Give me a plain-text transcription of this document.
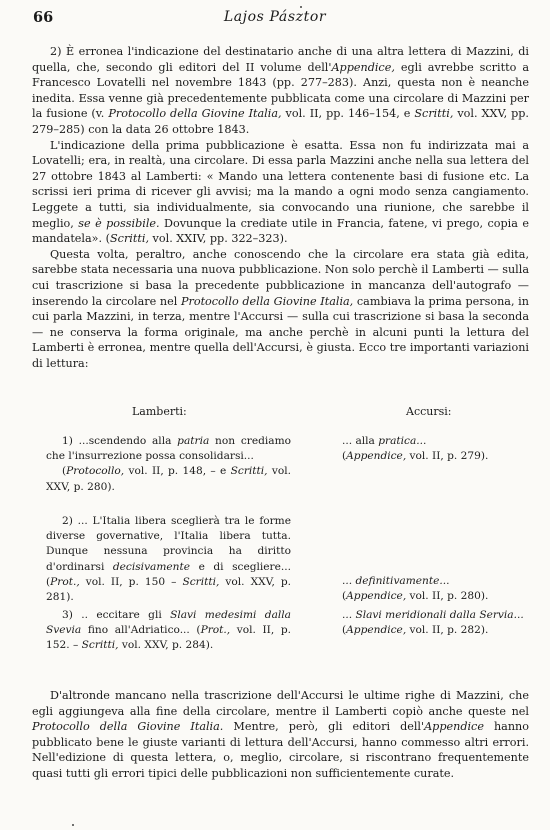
66	Lajos Pásztor

2) È erronea l'indicazione del destinatario anche di una altra lettera di Mazzini, di quella, che, secondo gli editori del II volume dell'Appendice, egli avrebbe scritto a Francesco Lovatelli nel novembre 1843 (pp. 277–283). Anzi, questa non è neanche inedita. Essa venne già precedentemente pubblicata come una circolare di Mazzini per la fusione (v. Protocollo della Giovine Italia, vol. II, pp. 146–154, e Scritti, vol. XXV, pp. 279–285) con la data 26 ottobre 1843.

L'indicazione della prima pubblicazione è esatta. Essa non fu indirizzata mai a Lovatelli; era, in realtà, una circolare. Di essa parla Mazzini anche nella sua lettera del 27 ottobre 1843 al Lamberti: « Mando una lettera contenente basi di fusione etc. La scrissi ieri prima di ricever gli avvisi; ma la mando a ogni modo senza cangiamento. Leggete a tutti, sia individualmente, sia convocando una riunione, che sarebbe il meglio, se è possibile. Dovunque la crediate utile in Francia, fatene, vi prego, copia e mandatela». (Scritti, vol. XXIV, pp. 322–323).

Questa volta, peraltro, anche conoscendo che la circolare era stata già edita, sarebbe stata necessaria una nuova pubblicazione. Non solo perchè il Lamberti — sulla cui trascrizione si basa la precedente pubblicazione in mancanza dell'autografo — inserendo la circolare nel Protocollo della Giovine Italia, cambiava la prima persona, in cui parla Mazzini, in terza, mentre l'Accursi — sulla cui trascrizione si basa la seconda — ne conserva la forma originale, ma anche perchè in alcuni punti la lettura del Lamberti è erronea, mentre quella dell'Accursi, è giusta. Ecco tre importanti variazioni di lettura:

Lamberti:
1) ...scendendo alla patria non crediamo che l'insurrezione possa consolidarsi...
(Protocollo, vol. II, p. 148, – e Scritti, vol. XXV, p. 280).
2) ... L'Italia libera sceglierà tra le forme diverse governative, l'Italia libera tutta. Dunque nessuna provincia ha diritto d'ordinarsi decisivamente e di scegliere... (Prot., vol. II, p. 150 – Scritti, vol. XXV, p. 281).
3) .. eccitare gli Slavi medesimi dalla Svevia fino all'Adriatico... (Prot., vol. II, p. 152. – Scritti, vol. XXV, p. 284).
Accursi:
... alla pratica...
(Appendice, vol. II, p. 279).
... definitivamente...
(Appendice, vol. II, p. 280).
... Slavi meridionali dalla Servia...
(Appendice, vol. II, p. 282).

D'altronde mancano nella trascrizione dell'Accursi le ultime righe di Mazzini, che egli aggiungeva alla fine della circolare, mentre il Lamberti copiò anche queste nel Protocollo della Giovine Italia. Mentre, però, gli editori dell'Appendice hanno pubblicato bene le giuste varianti di lettura dell'Accursi, hanno commesso altri errori. Nell'edizione di questa lettera, o, meglio, circolare, si riscontrano frequentemente quasi tutti gli errori tipici delle pubblicazioni non sufficientemente curate.
